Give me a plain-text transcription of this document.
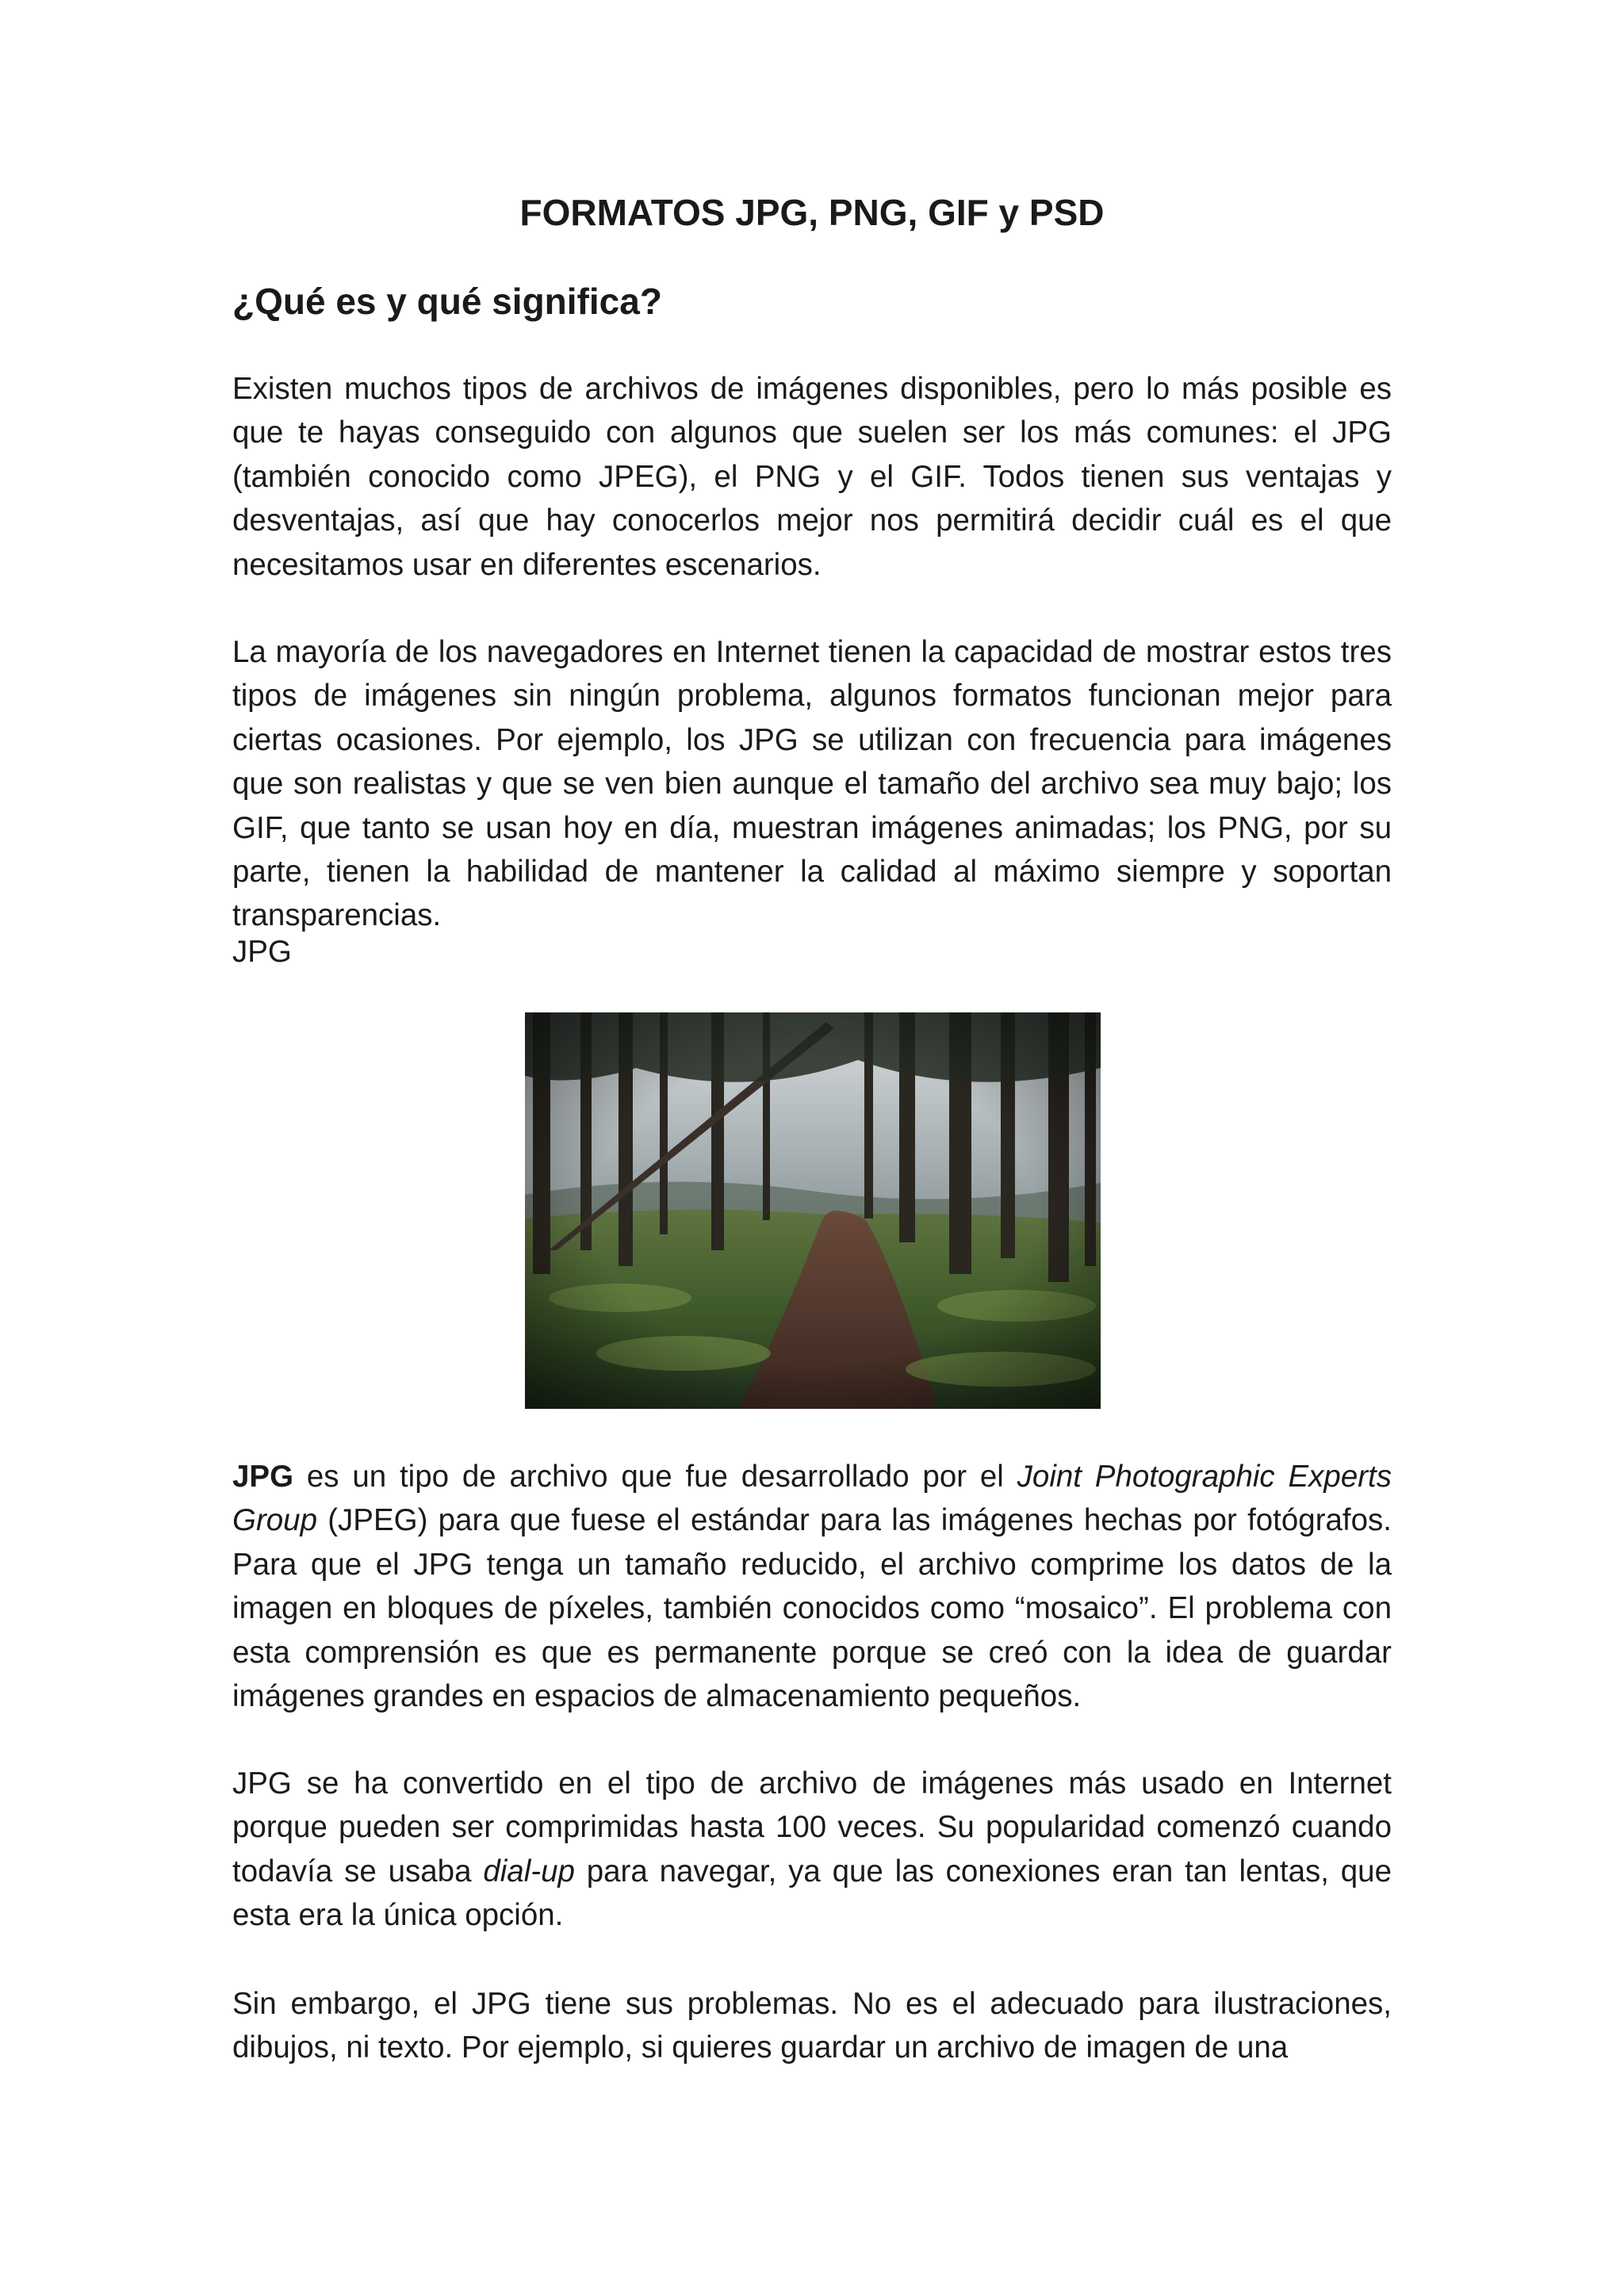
FORMATOS JPG, PNG, GIF y PSD
¿Qué es y qué significa?

Existen muchos tipos de archivos de imágenes disponibles, pero lo más posible es que te hayas conseguido con algunos que suelen ser los más comunes: el JPG (también conocido como JPEG), el PNG y el GIF. Todos tienen sus ventajas y desventajas, así que hay conocerlos mejor nos permitirá decidir cuál es el que necesitamos usar en diferentes escenarios.

La mayoría de los navegadores en Internet tienen la capacidad de mostrar estos tres tipos de imágenes sin ningún problema, algunos formatos funcionan mejor para ciertas ocasiones. Por ejemplo, los JPG se utilizan con frecuencia para imágenes que son realistas y que se ven bien aunque el tamaño del archivo sea muy bajo; los GIF, que tanto se usan hoy en día, muestran imágenes animadas; los PNG, por su parte, tienen la habilidad de mantener la calidad al máximo siempre y soportan transparencias.

JPG

JPG es un tipo de archivo que fue desarrollado por el Joint Photographic Experts Group (JPEG) para que fuese el estándar para las imágenes hechas por fotógrafos. Para que el JPG tenga un tamaño reducido, el archivo comprime los datos de la imagen en bloques de píxeles, también conocidos como “mosaico”. El problema con esta comprensión es que es permanente porque se creó con la idea de guardar imágenes grandes en espacios de almacenamiento pequeños.

JPG se ha convertido en el tipo de archivo de imágenes más usado en Internet porque pueden ser comprimidas hasta 100 veces. Su popularidad comenzó cuando todavía se usaba dial-up para navegar, ya que las conexiones eran tan lentas, que esta era la única opción.

Sin embargo, el JPG tiene sus problemas. No es el adecuado para ilustraciones, dibujos, ni texto. Por ejemplo, si quieres guardar un archivo de imagen de una
